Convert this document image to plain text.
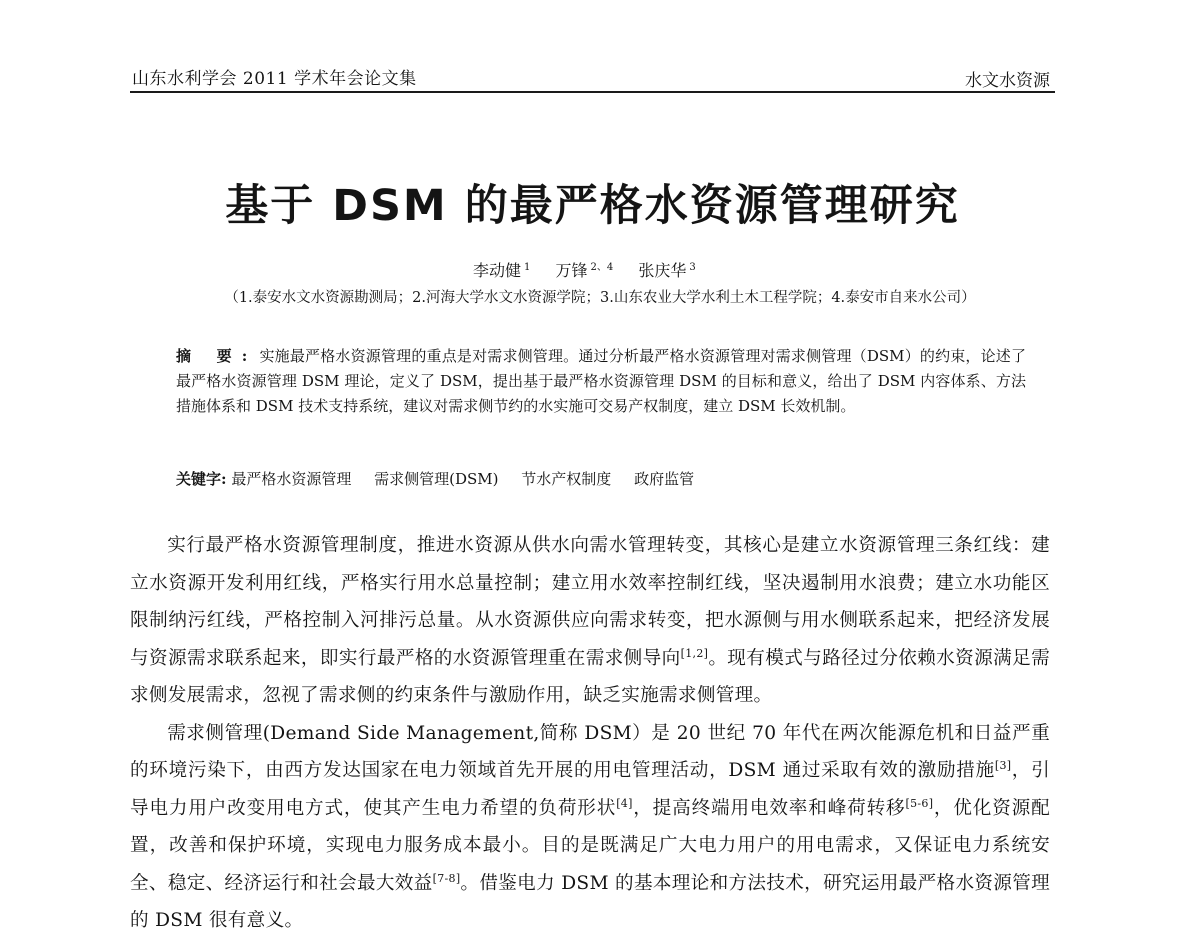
山东水利学会 2011 学术年会论文集	水文水资源
基于 DSM 的最严格水资源管理研究
李动健 $^1$ 万锋 $^{2、4}$ 张庆华 $^3$
（1.泰安水文水资源勘测局；2.河海大学水文水资源学院；3.山东农业大学水利土木工程学院；4.泰安市自来水公司）
摘 要: 实施最严格水资源管理的重点是对需求侧管理。通过分析最严格水资源管理对需求侧管理（DSM）的约束，论述了最严格水资源管理 DSM 理论，定义了 DSM，提出基于最严格水资源管理 DSM 的目标和意义，给出了 DSM 内容体系、方法措施体系和 DSM 技术支持系统，建议对需求侧节约的水实施可交易产权制度，建立 DSM 长效机制。
关键字: 最严格水资源管理 需求侧管理(DSM) 节水产权制度 政府监管

实行最严格水资源管理制度，推进水资源从供水向需水管理转变，其核心是建立水资源管理三条红线：建立水资源开发利用红线，严格实行用水总量控制；建立用水效率控制红线，坚决遏制用水浪费；建立水功能区限制纳污红线，严格控制入河排污总量。从水资源供应向需求转变，把水源侧与用水侧联系起来，把经济发展与资源需求联系起来，即实行最严格的水资源管理重在需求侧导向[1,2]。现有模式与路径过分依赖水资源满足需求侧发展需求，忽视了需求侧的约束条件与激励作用，缺乏实施需求侧管理。

需求侧管理(Demand Side Management,简称 DSM）是 20 世纪 70 年代在两次能源危机和日益严重的环境污染下，由西方发达国家在电力领域首先开展的用电管理活动，DSM 通过采取有效的激励措施[3]，引导电力用户改变用电方式，使其产生电力希望的负荷形状[4]，提高终端用电效率和峰荷转移[5-6]，优化资源配置，改善和保护环境，实现电力服务成本最小。目的是既满足广大电力用户的用电需求，又保证电力系统安全、稳定、经济运行和社会最大效益[7-8]。借鉴电力 DSM 的基本理论和方法技术，研究运用最严格水资源管理的 DSM 很有意义。
